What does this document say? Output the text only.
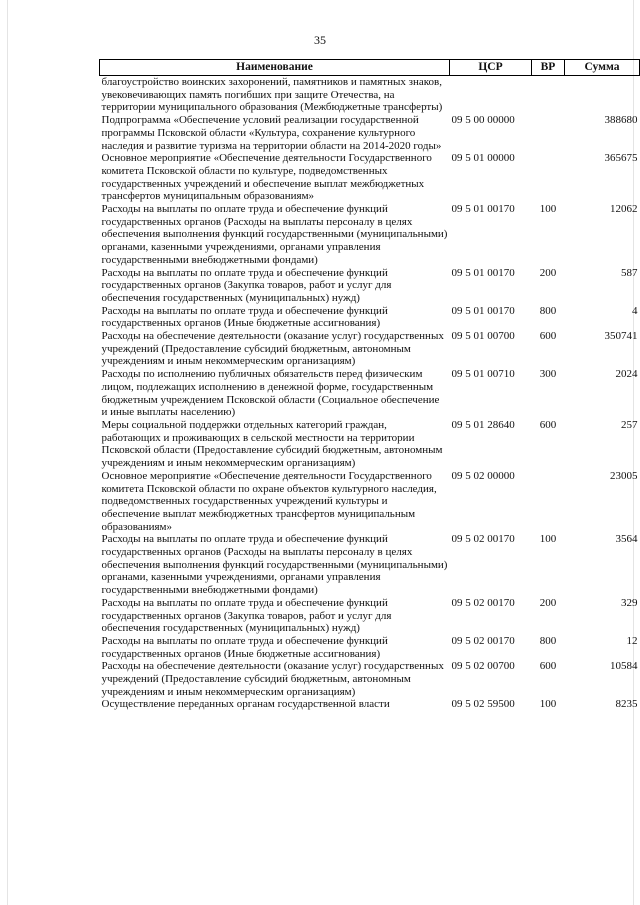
35
Наименование	ЦСР	ВР	Сумма
благоустройство воинских захоронений, памятников и памятных знаков, увековечивающих память погибших при защите Отечества, на территории муниципального образования (Межбюджетные трансферты)			
Подпрограмма «Обеспечение условий реализации государственной программы Псковской области «Культура, сохранение культурного наследия и развитие туризма на территории области на 2014-2020 годы»	09 5 00 00000		388680
Основное мероприятие «Обеспечение деятельности Государственного комитета Псковской области по культуре, подведомственных государственных учреждений и обеспечение выплат межбюджетных трансфертов муниципальным образованиям»	09 5 01 00000		365675
Расходы на выплаты по оплате труда и обеспечение функций государственных органов (Расходы на выплаты персоналу в целях обеспечения выполнения функций государственными (муниципальными) органами, казенными учреждениями, органами управления государственными внебюджетными фондами)	09 5 01 00170	100	12062
Расходы на выплаты по оплате труда и обеспечение функций государственных органов (Закупка товаров, работ и услуг для обеспечения государственных (муниципальных) нужд)	09 5 01 00170	200	587
Расходы на выплаты по оплате труда и обеспечение функций государственных органов (Иные бюджетные ассигнования)	09 5 01 00170	800	4
Расходы на обеспечение деятельности (оказание услуг) государственных учреждений (Предоставление субсидий бюджетным, автономным учреждениям и иным некоммерческим организациям)	09 5 01 00700	600	350741
Расходы по исполнению публичных обязательств перед физическим лицом, подлежащих исполнению в денежной форме, государственным бюджетным учреждением Псковской области (Социальное обеспечение и иные выплаты населению)	09 5 01 00710	300	2024
Меры социальной поддержки отдельных категорий граждан, работающих и проживающих в сельской местности на территории Псковской области (Предоставление субсидий бюджетным, автономным учреждениям и иным некоммерческим организациям)	09 5 01 28640	600	257
Основное мероприятие «Обеспечение деятельности Государственного комитета Псковской области по охране объектов культурного наследия, подведомственных государственных учреждений культуры и обеспечение выплат межбюджетных трансфертов муниципальным образованиям»	09 5 02 00000		23005
Расходы на выплаты по оплате труда и обеспечение функций государственных органов (Расходы на выплаты персоналу в целях обеспечения выполнения функций государственными (муниципальными) органами, казенными учреждениями, органами управления государственными внебюджетными фондами)	09 5 02 00170	100	3564
Расходы на выплаты по оплате труда и обеспечение функций государственных органов (Закупка товаров, работ и услуг для обеспечения государственных (муниципальных) нужд)	09 5 02 00170	200	329
Расходы на выплаты по оплате труда и обеспечение функций государственных органов (Иные бюджетные ассигнования)	09 5 02 00170	800	12
Расходы на обеспечение деятельности (оказание услуг) государственных учреждений (Предоставление субсидий бюджетным, автономным учреждениям и иным некоммерческим организациям)	09 5 02 00700	600	10584
Осуществление переданных органам государственной власти	09 5 02 59500	100	8235
